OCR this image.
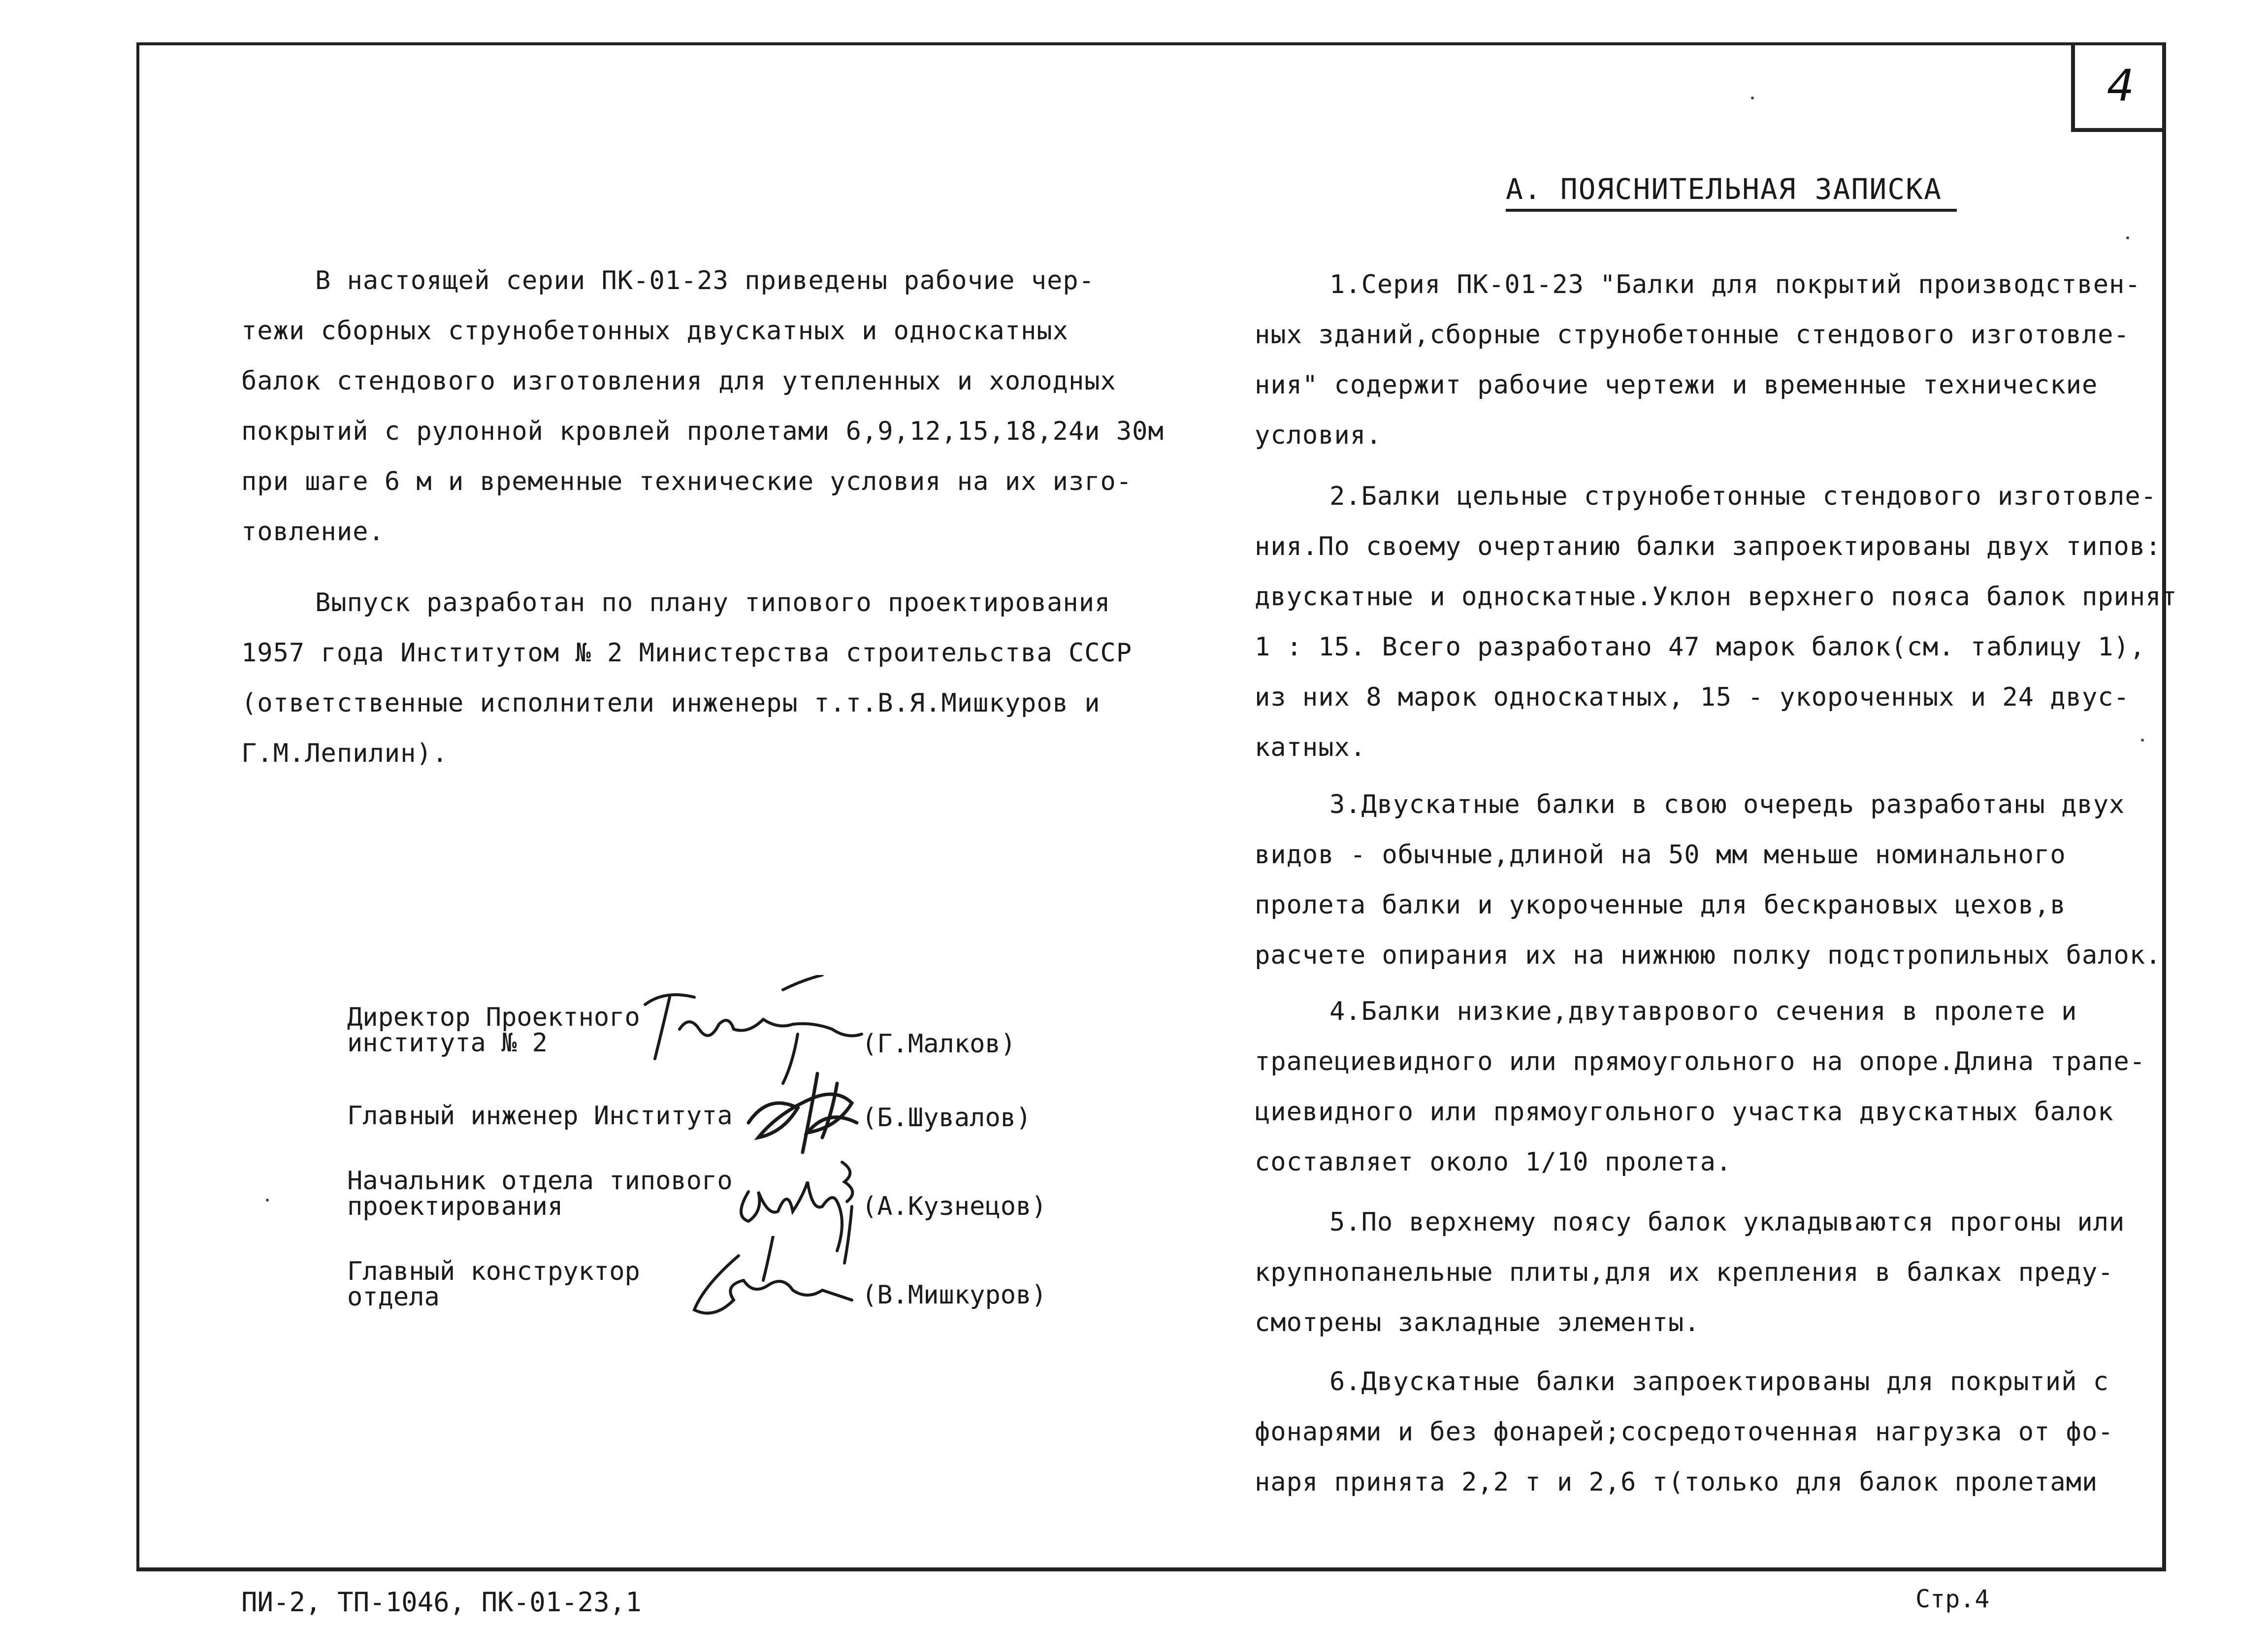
4
В настоящей серии ПК-01-23 приведены рабочие чер-
тежи сборных струнобетонных двускатных и односкатных
балок стендового изготовления для утепленных и холодных
покрытий с рулонной кровлей пролетами 6,9,12,15,18,24и 30м
при шаге 6 м и временные технические условия на их изго-
товление.
Выпуск разработан по плану типового проектирования
1957 года Институтом № 2 Министерства строительства СССР
(ответственные исполнители инженеры т.т.В.Я.Мишкуров и
Г.М.Лепилин).
Директор Проектного
института № 2	(Г.Малков)
Главный инженер Института	(Б.Шувалов)
Начальник отдела типового
проектирования	(А.Кузнецов)
Главный конструктор
отдела	(В.Мишкуров)
А. ПОЯСНИТЕЛЬНАЯ ЗАПИСКА
1.Серия ПК-01-23 "Балки для покрытий производствен-
ных зданий,сборные струнобетонные стендового изготовле-
ния" содержит рабочие чертежи и временные технические
условия.
2.Балки цельные струнобетонные стендового изготовле-
ния.По своему очертанию балки запроектированы двух типов:
двускатные и односкатные.Уклон верхнего пояса балок принят
1 : 15. Всего разработано 47 марок балок(см. таблицу 1),
из них 8 марок односкатных, 15 - укороченных и 24 двус-
катных.
3.Двускатные балки в свою очередь разработаны двух
видов - обычные,длиной на 50 мм меньше номинального
пролета балки и укороченные для бескрановых цехов,в
расчете опирания их на нижнюю полку подстропильных балок.
4.Балки низкие,двутаврового сечения в пролете и
трапециевидного или прямоугольного на опоре.Длина трапе-
циевидного или прямоугольного участка двускатных балок
составляет около 1/10 пролета.
5.По верхнему поясу балок укладываются прогоны или
крупнопанельные плиты,для их крепления в балках преду-
смотрены закладные элементы.
6.Двускатные балки запроектированы для покрытий с
фонарями и без фонарей;сосредоточенная нагрузка от фо-
наря принята 2,2 т и 2,6 т(только для балок пролетами
ПИ-2, ТП-1046, ПК-01-23,1	Стр.4
